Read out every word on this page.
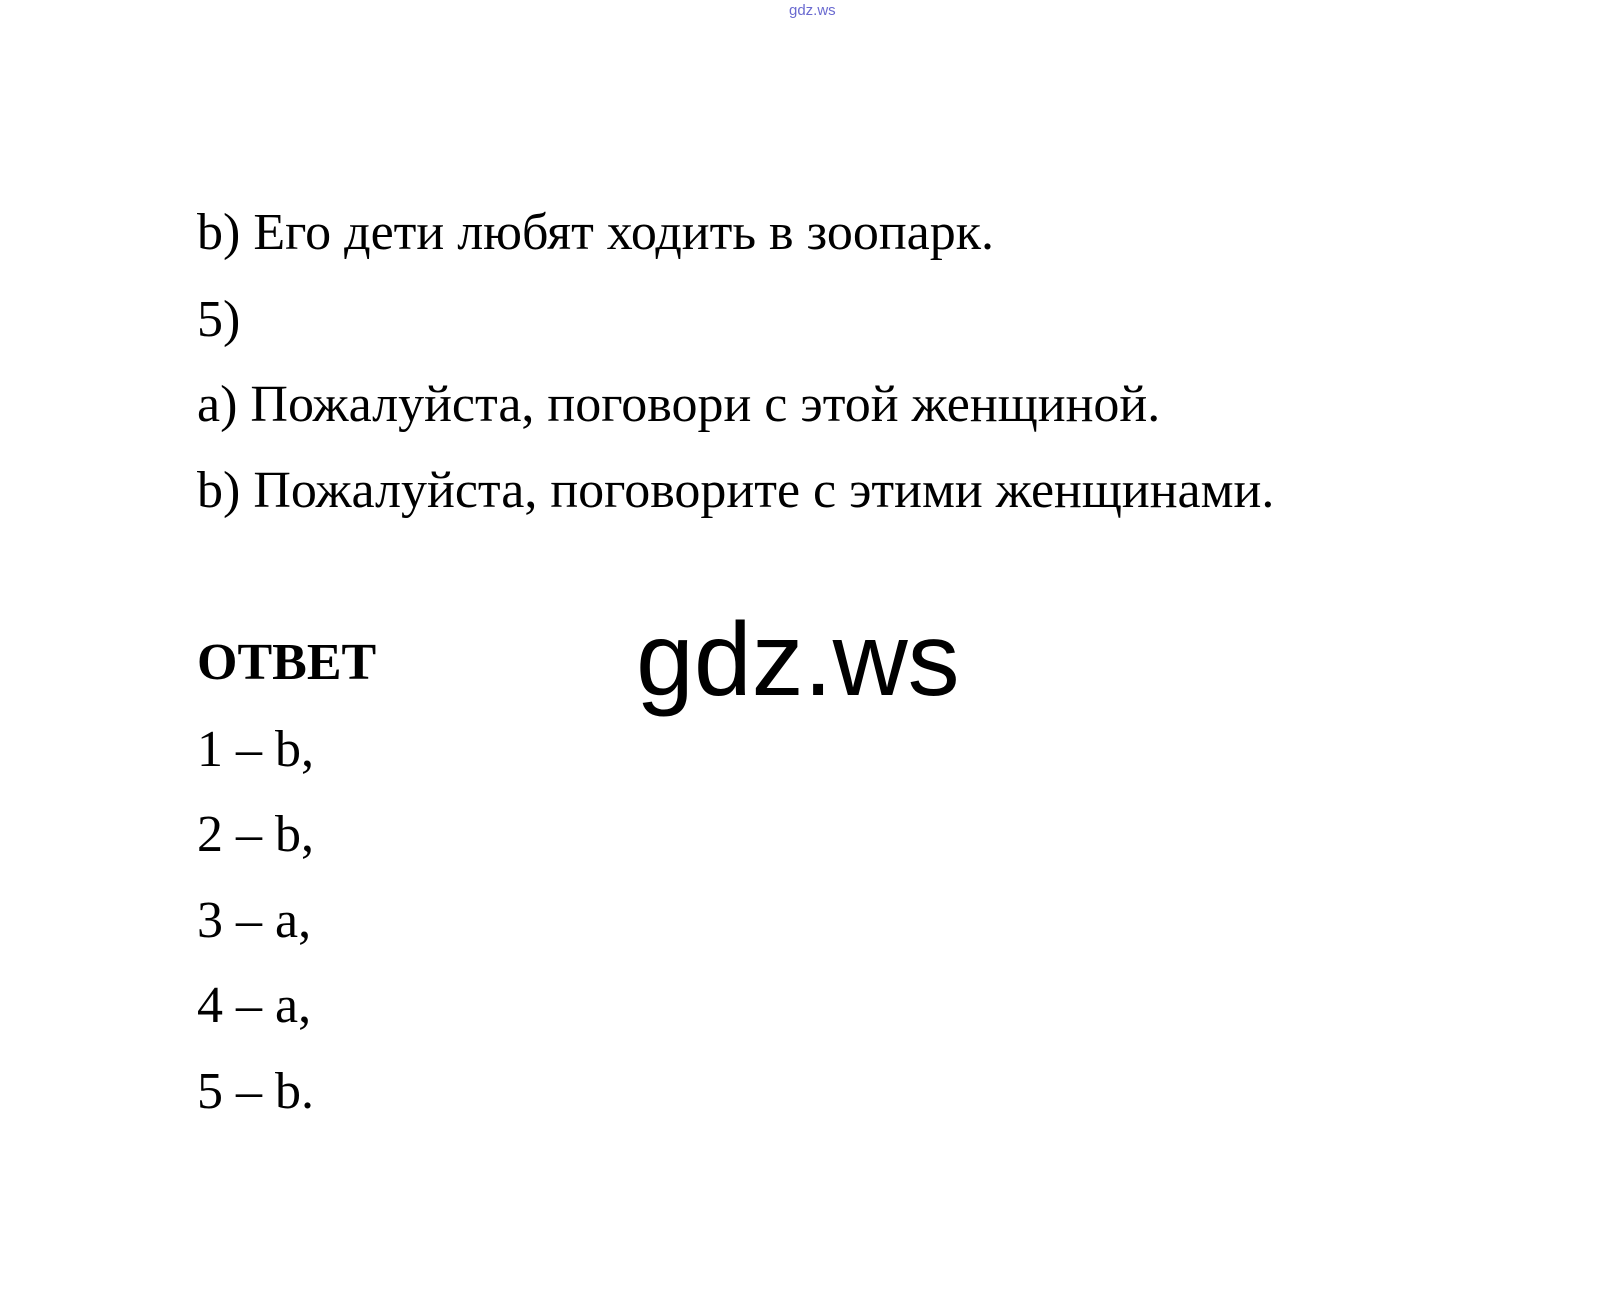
gdz.ws
b) Его дети любят ходить в зоопарк.
5)
a) Пожалуйста, поговори с этой женщиной.
b) Пожалуйста, поговорите с этими женщинами.
ОТВЕТ
1 – b,
2 – b,
3 – a,
4 – a,
5 – b.
gdz.ws
